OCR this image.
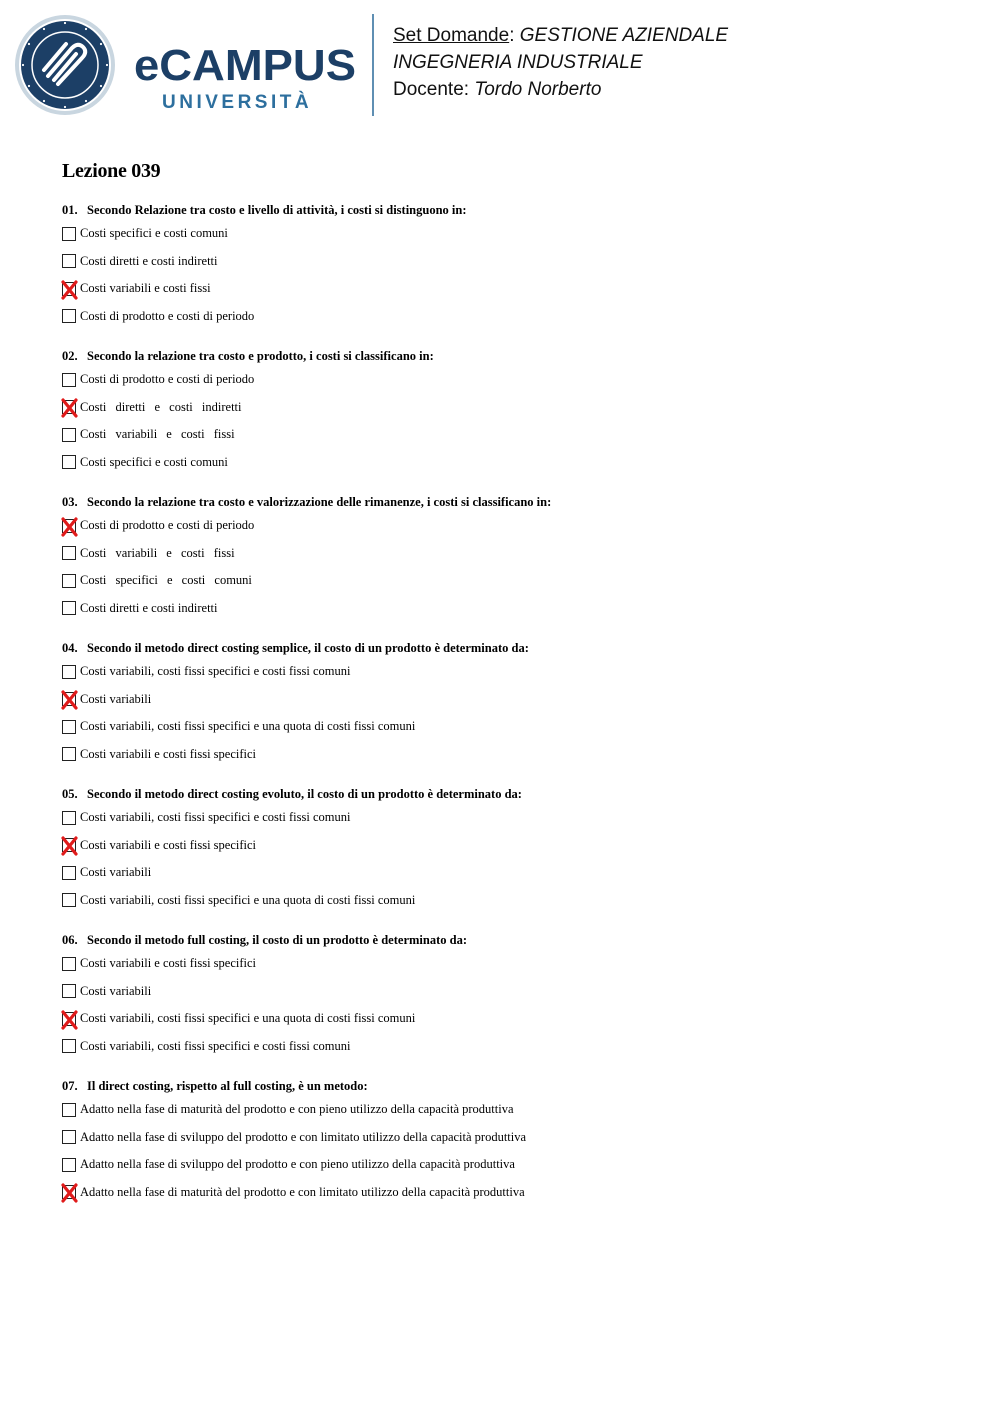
eCAMPUS
UNIVERSITÀ
Set Domande: GESTIONE AZIENDALE
INGEGNERIA INDUSTRIALE
Docente: Tordo Norberto
Lezione 039
01. Secondo Relazione tra costo e livello di attività, i costi si distinguono in:
Costi specifici e costi comuni
Costi diretti e costi indiretti
Costi variabili e costi fissi
Costi di prodotto e costi di periodo
02. Secondo la relazione tra costo e prodotto, i costi si classificano in:
Costi di prodotto e costi di periodo
Costi diretti e costi indiretti
Costi variabili e costi fissi
Costi specifici e costi comuni
03. Secondo la relazione tra costo e valorizzazione delle rimanenze, i costi si classificano in:
Costi di prodotto e costi di periodo
Costi variabili e costi fissi
Costi specifici e costi comuni
Costi diretti e costi indiretti
04. Secondo il metodo direct costing semplice, il costo di un prodotto è determinato da:
Costi variabili, costi fissi specifici e costi fissi comuni
Costi variabili
Costi variabili, costi fissi specifici e una quota di costi fissi comuni
Costi variabili e costi fissi specifici
05. Secondo il metodo direct costing evoluto, il costo di un prodotto è determinato da:
Costi variabili, costi fissi specifici e costi fissi comuni
Costi variabili e costi fissi specifici
Costi variabili
Costi variabili, costi fissi specifici e una quota di costi fissi comuni
06. Secondo il metodo full costing, il costo di un prodotto è determinato da:
Costi variabili e costi fissi specifici
Costi variabili
Costi variabili, costi fissi specifici e una quota di costi fissi comuni
Costi variabili, costi fissi specifici e costi fissi comuni
07. Il direct costing, rispetto al full costing, è un metodo:
Adatto nella fase di maturità del prodotto e con pieno utilizzo della capacità produttiva
Adatto nella fase di sviluppo del prodotto e con limitato utilizzo della capacità produttiva
Adatto nella fase di sviluppo del prodotto e con pieno utilizzo della capacità produttiva
Adatto nella fase di maturità del prodotto e con limitato utilizzo della capacità produttiva
